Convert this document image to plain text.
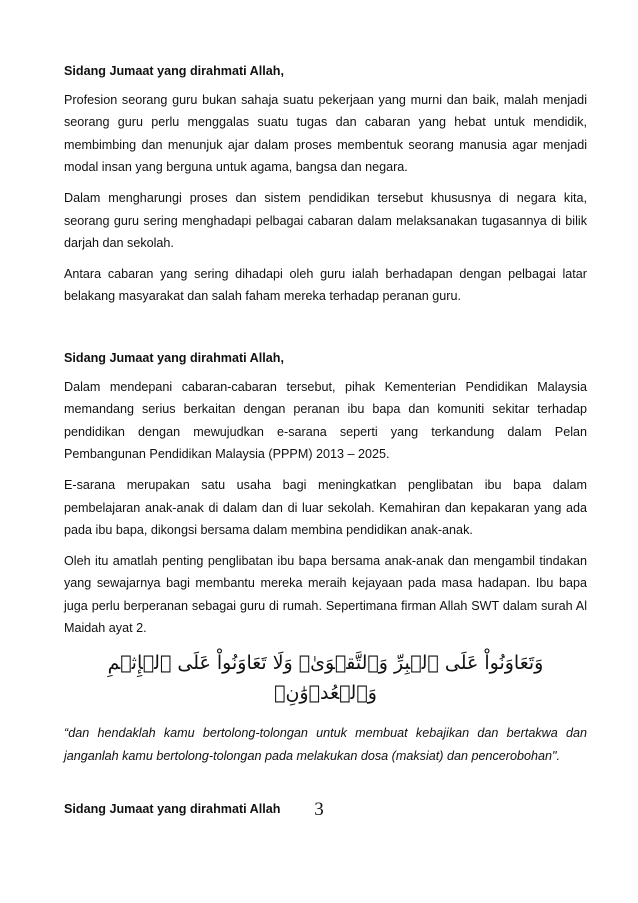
Sidang Jumaat yang dirahmati Allah,

Profesion seorang guru bukan sahaja suatu pekerjaan yang murni dan baik, malah menjadi seorang guru perlu menggalas suatu tugas dan cabaran yang hebat untuk mendidik, membimbing dan menunjuk ajar dalam proses membentuk seorang manusia agar menjadi modal insan yang berguna untuk agama, bangsa dan negara.

Dalam mengharungi proses dan sistem pendidikan tersebut khususnya di negara kita, seorang guru sering menghadapi pelbagai cabaran dalam melaksanakan tugasannya di bilik darjah dan sekolah.

Antara cabaran yang sering dihadapi oleh guru ialah berhadapan dengan pelbagai latar belakang masyarakat dan salah faham mereka terhadap peranan guru.

Sidang Jumaat yang dirahmati Allah,

Dalam mendepani cabaran-cabaran tersebut, pihak Kementerian Pendidikan Malaysia memandang serius berkaitan dengan peranan ibu bapa dan komuniti sekitar terhadap pendidikan dengan mewujudkan e-sarana seperti yang terkandung dalam Pelan Pembangunan Pendidikan Malaysia (PPPM) 2013 – 2025.

E-sarana merupakan satu usaha bagi meningkatkan penglibatan ibu bapa dalam pembelajaran anak-anak di dalam dan di luar sekolah. Kemahiran dan kepakaran yang ada pada ibu bapa, dikongsi bersama dalam membina pendidikan anak-anak.

Oleh itu amatlah penting penglibatan ibu bapa bersama anak-anak dan mengambil tindakan yang sewajarnya bagi membantu mereka meraih kejayaan pada masa hadapan. Ibu bapa juga perlu berperanan sebagai guru di rumah. Sepertimana firman Allah SWT dalam surah Al Maidah ayat 2.

وَتَعَاوَنُواْ عَلَى ٱلۡبِرِّ وَٱلتَّقۡوَىٰۖ وَلَا تَعَاوَنُواْ عَلَى ٱلۡإِثۡمِ وَٱلۡعُدۡوَٰنِۚ

“dan hendaklah kamu bertolong-tolongan untuk membuat kebajikan dan bertakwa dan janganlah kamu bertolong-tolongan pada melakukan dosa (maksiat) dan pencerobohan".

Sidang Jumaat yang dirahmati Allah	3
